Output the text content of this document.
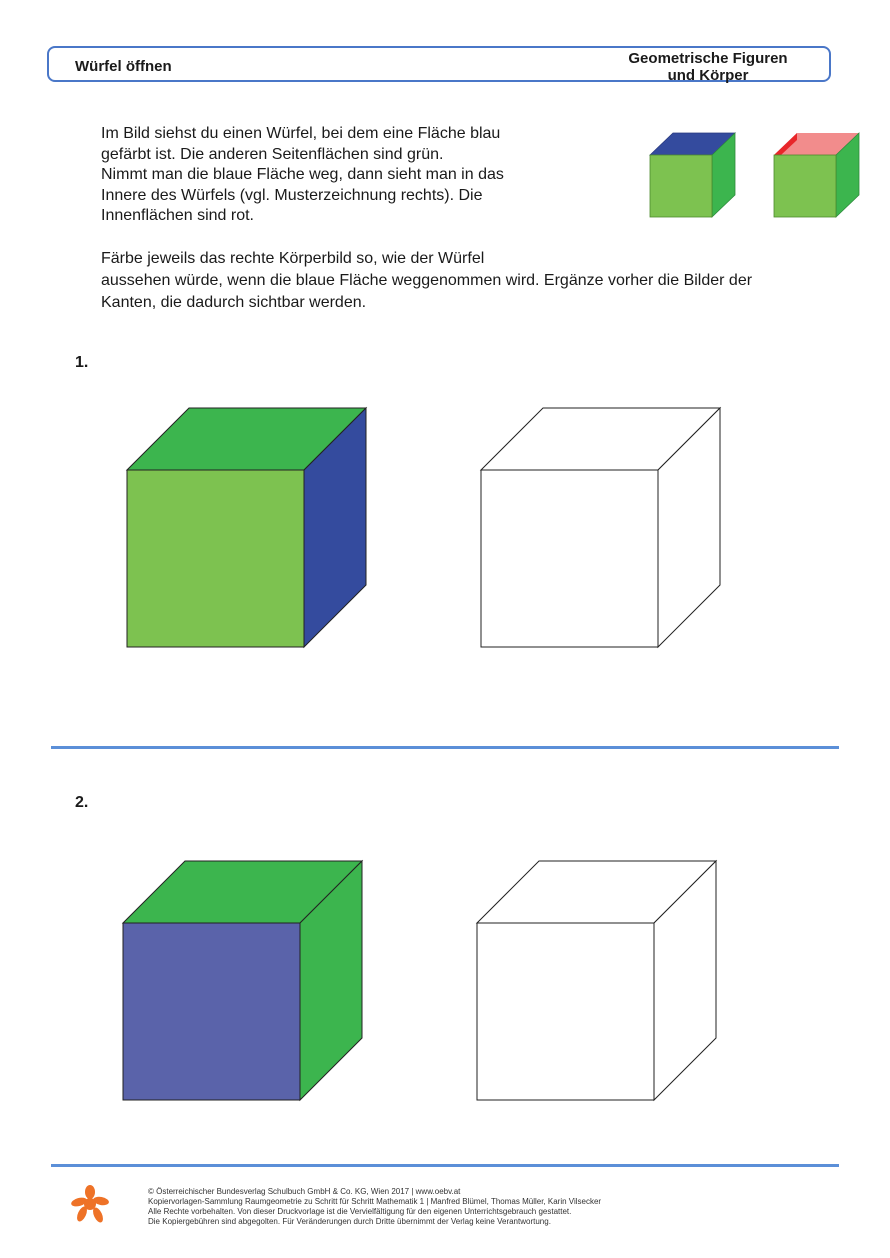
Würfel öffnen	Geometrische Figuren
und Körper
Im Bild siehst du einen Würfel, bei dem eine Fläche blau
gefärbt ist. Die anderen Seitenflächen sind grün.
Nimmt man die blaue Fläche weg, dann sieht man in das
Innere des Würfels (vgl. Musterzeichnung rechts). Die
Innenflächen sind rot.
Färbe jeweils das rechte Körperbild so, wie der Würfel
aussehen würde, wenn die blaue Fläche weggenommen wird. Ergänze vorher die Bilder der
Kanten, die dadurch sichtbar werden.
1.
2.
© Österreichischer Bundesverlag Schulbuch GmbH & Co. KG, Wien 2017 | www.oebv.at
Kopiervorlagen-Sammlung Raumgeometrie zu Schritt für Schritt Mathematik 1 | Manfred Blümel, Thomas Müller, Karin Vilsecker
Alle Rechte vorbehalten. Von dieser Druckvorlage ist die Vervielfältigung für den eigenen Unterrichtsgebrauch gestattet.
Die Kopiergebühren sind abgegolten. Für Veränderungen durch Dritte übernimmt der Verlag keine Verantwortung.
